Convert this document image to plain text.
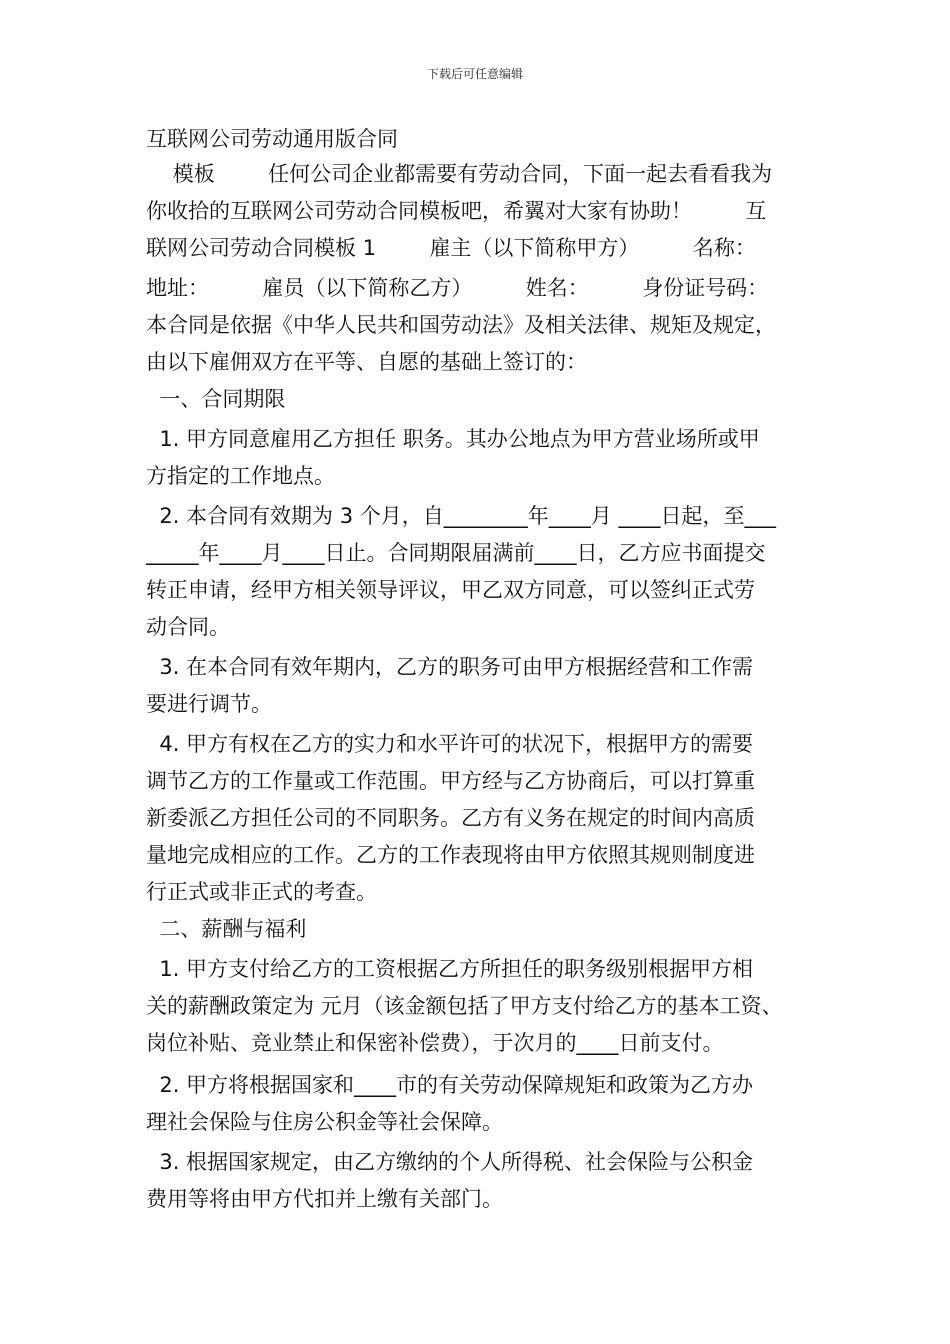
下载后可任意编辑
互联网公司劳动通用版合同
模板        任何公司企业都需要有劳动合同，下面一起去看看我为
你收拾的互联网公司劳动合同模板吧，希翼对大家有协助！        互
联网公司劳动合同模板 1        雇主（以下简称甲方）        名称：
地址：        雇员（以下简称乙方）        姓名：        身份证号码：
本合同是依据《中华人民共和国劳动法》及相关法律、规矩及规定，
由以下雇佣双方在平等、自愿的基础上签订的：
一、合同期限
1. 甲方同意雇用乙方担任 职务。其办公地点为甲方营业场所或甲
方指定的工作地点。
2. 本合同有效期为 3 个月，自________年____月 ____日起，至___
_____年____月____日止。合同期限届满前____日，乙方应书面提交
转正申请，经甲方相关领导评议，甲乙双方同意，可以签纠正式劳
动合同。
3. 在本合同有效年期内，乙方的职务可由甲方根据经营和工作需
要进行调节。
4. 甲方有权在乙方的实力和水平许可的状况下，根据甲方的需要
调节乙方的工作量或工作范围。甲方经与乙方协商后，可以打算重
新委派乙方担任公司的不同职务。乙方有义务在规定的时间内高质
量地完成相应的工作。乙方的工作表现将由甲方依照其规则制度进
行正式或非正式的考查。
二、薪酬与福利
1. 甲方支付给乙方的工资根据乙方所担任的职务级别根据甲方相
关的薪酬政策定为 元月（该金额包括了甲方支付给乙方的基本工资、
岗位补贴、竞业禁止和保密补偿费），于次月的____日前支付。
2. 甲方将根据国家和____市的有关劳动保障规矩和政策为乙方办
理社会保险与住房公积金等社会保障。
3. 根据国家规定，由乙方缴纳的个人所得税、社会保险与公积金
费用等将由甲方代扣并上缴有关部门。
